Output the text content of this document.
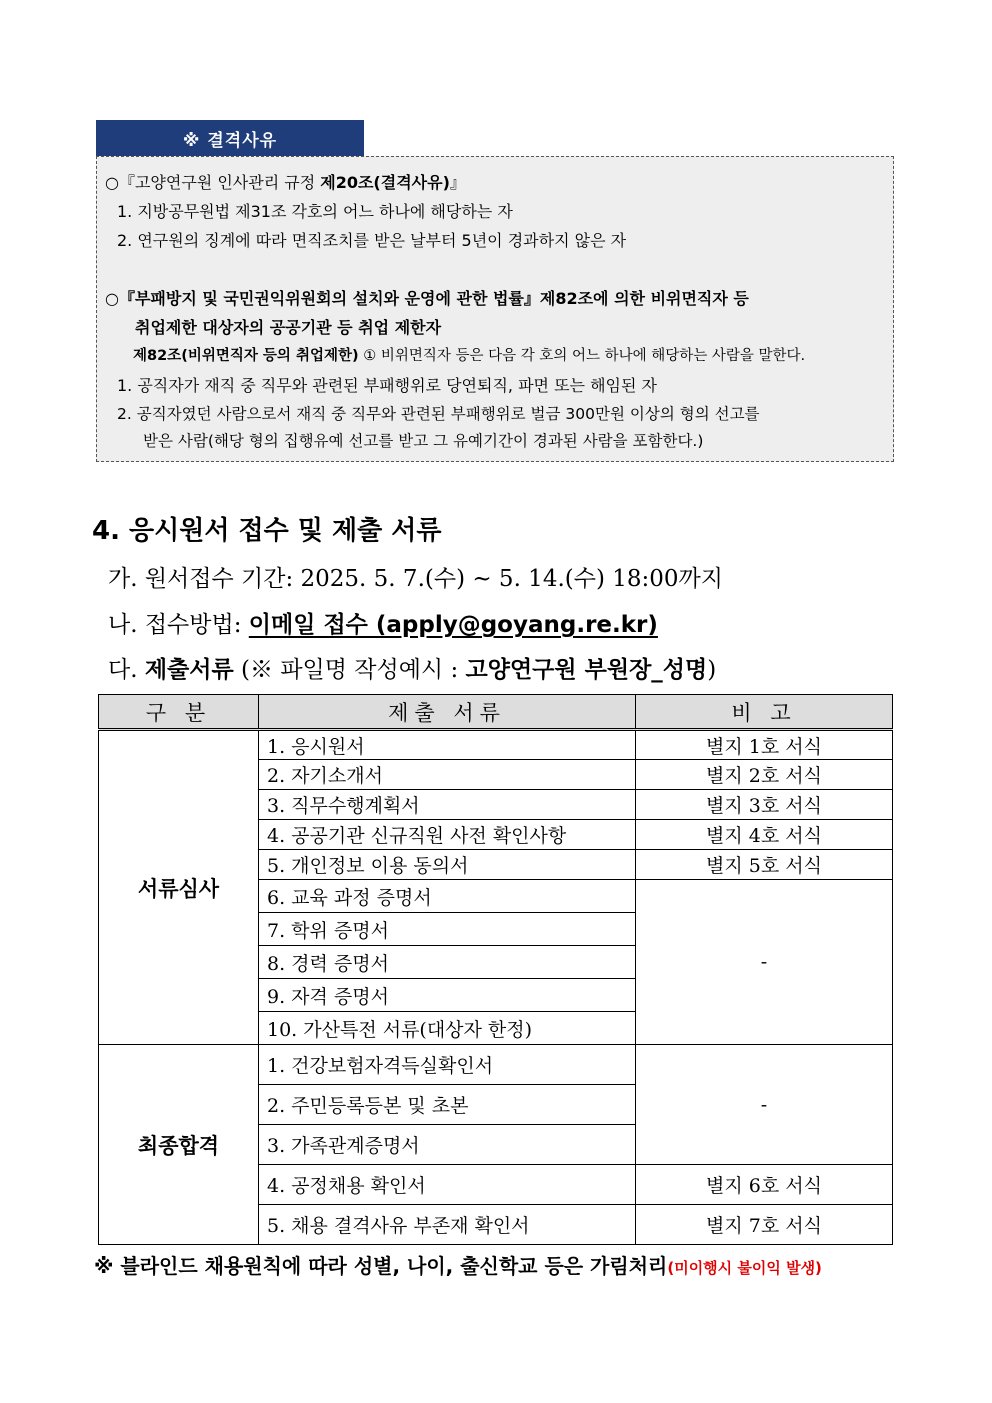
※ 결격사유
○『고양연구원 인사관리 규정 제20조(결격사유)』
1. 지방공무원법 제31조 각호의 어느 하나에 해당하는 자
2. 연구원의 징계에 따라 면직조치를 받은 날부터 5년이 경과하지 않은 자
○『부패방지 및 국민권익위원회의 설치와 운영에 관한 법률』제82조에 의한 비위면직자 등
취업제한 대상자의 공공기관 등 취업 제한자
제82조(비위면직자 등의 취업제한) ① 비위면직자 등은 다음 각 호의 어느 하나에 해당하는 사람을 말한다.
1. 공직자가 재직 중 직무와 관련된 부패행위로 당연퇴직, 파면 또는 해임된 자
2. 공직자였던 사람으로서 재직 중 직무와 관련된 부패행위로 벌금 300만원 이상의 형의 선고를
받은 사람(해당 형의 집행유예 선고를 받고 그 유예기간이 경과된 사람을 포함한다.)
4. 응시원서 접수 및 제출 서류
가. 원서접수 기간: 2025. 5. 7.(수) ~ 5. 14.(수) 18:00까지
나. 접수방법: 이메일 접수 (apply@goyang.re.kr)
다. 제출서류 (※ 파일명 작성예시 : 고양연구원 부원장_성명)
구 분	제출 서류	비 고
서류심사	1. 응시원서	별지 1호 서식
	2. 자기소개서	별지 2호 서식
	3. 직무수행계획서	별지 3호 서식
	4. 공공기관 신규직원 사전 확인사항	별지 4호 서식
	5. 개인정보 이용 동의서	별지 5호 서식
	6. 교육 과정 증명서	-
	7. 학위 증명서	
	8. 경력 증명서	
	9. 자격 증명서	
	10. 가산특전 서류(대상자 한정)	
최종합격	1. 건강보험자격득실확인서	-
	2. 주민등록등본 및 초본	
	3. 가족관계증명서	
	4. 공정채용 확인서	별지 6호 서식
	5. 채용 결격사유 부존재 확인서	별지 7호 서식
※ 블라인드 채용원칙에 따라 성별, 나이, 출신학교 등은 가림처리(미이행시 불이익 발생)
